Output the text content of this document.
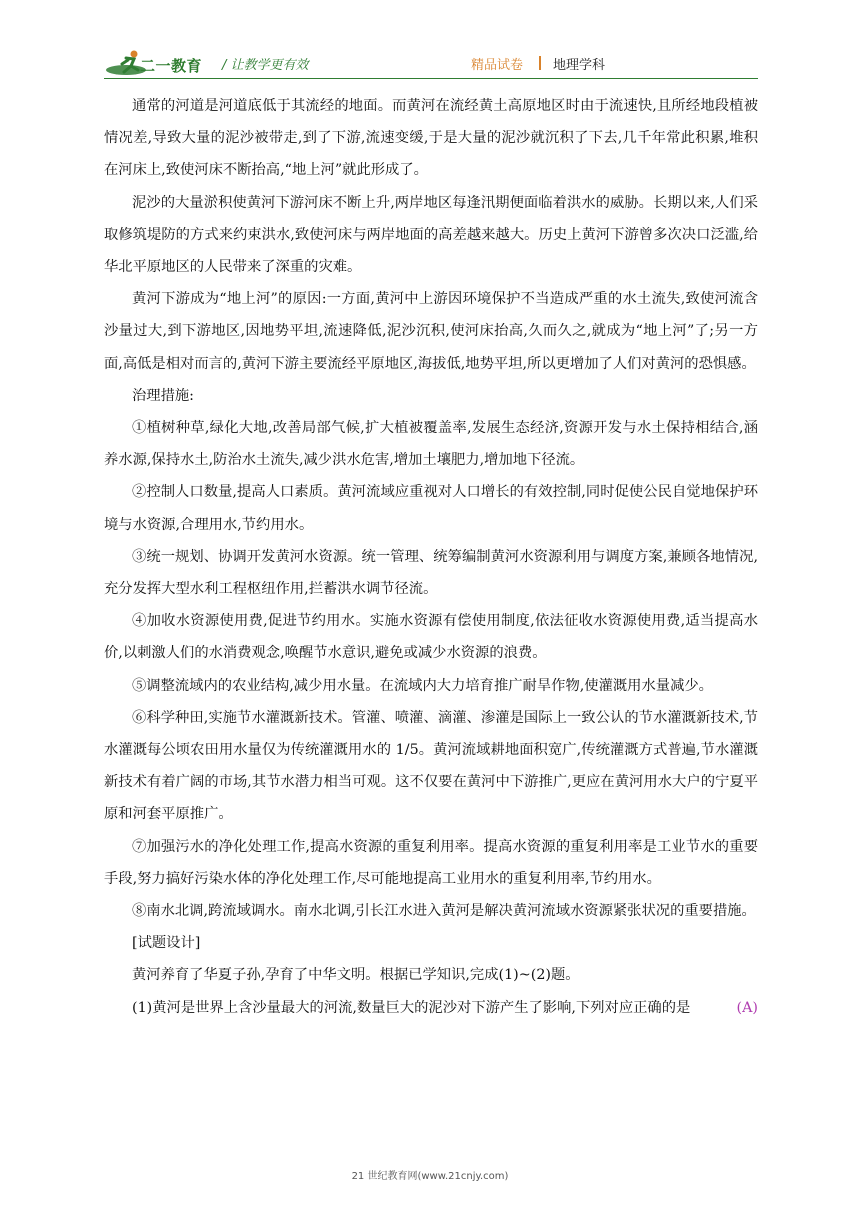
二一教育 / 让教学更有效	精品试卷 地理学科

通常的河道是河道底低于其流经的地面。而黄河在流经黄土高原地区时由于流速快,且所经地段植被情况差,导致大量的泥沙被带走,到了下游,流速变缓,于是大量的泥沙就沉积了下去,几千年常此积累,堆积在河床上,致使河床不断抬高,“地上河”就此形成了。

泥沙的大量淤积使黄河下游河床不断上升,两岸地区每逢汛期便面临着洪水的威胁。长期以来,人们采取修筑堤防的方式来约束洪水,致使河床与两岸地面的高差越来越大。历史上黄河下游曾多次决口泛滥,给华北平原地区的人民带来了深重的灾难。

黄河下游成为“地上河”的原因:一方面,黄河中上游因环境保护不当造成严重的水土流失,致使河流含沙量过大,到下游地区,因地势平坦,流速降低,泥沙沉积,使河床抬高,久而久之,就成为“地上河”了;另一方面,高低是相对而言的,黄河下游主要流经平原地区,海拔低,地势平坦,所以更增加了人们对黄河的恐惧感。

治理措施:

①植树种草,绿化大地,改善局部气候,扩大植被覆盖率,发展生态经济,资源开发与水土保持相结合,涵养水源,保持水土,防治水土流失,减少洪水危害,增加土壤肥力,增加地下径流。

②控制人口数量,提高人口素质。黄河流域应重视对人口增长的有效控制,同时促使公民自觉地保护环境与水资源,合理用水,节约用水。

③统一规划、协调开发黄河水资源。统一管理、统筹编制黄河水资源利用与调度方案,兼顾各地情况,充分发挥大型水利工程枢纽作用,拦蓄洪水调节径流。

④加收水资源使用费,促进节约用水。实施水资源有偿使用制度,依法征收水资源使用费,适当提高水价,以刺激人们的水消费观念,唤醒节水意识,避免或减少水资源的浪费。

⑤调整流域内的农业结构,减少用水量。在流域内大力培育推广耐旱作物,使灌溉用水量减少。

⑥科学种田,实施节水灌溉新技术。管灌、喷灌、滴灌、渗灌是国际上一致公认的节水灌溉新技术,节水灌溉每公顷农田用水量仅为传统灌溉用水的 1/5。黄河流域耕地面积宽广,传统灌溉方式普遍,节水灌溉新技术有着广阔的市场,其节水潜力相当可观。这不仅要在黄河中下游推广,更应在黄河用水大户的宁夏平原和河套平原推广。

⑦加强污水的净化处理工作,提高水资源的重复利用率。提高水资源的重复利用率是工业节水的重要手段,努力搞好污染水体的净化处理工作,尽可能地提高工业用水的重复利用率,节约用水。

⑧南水北调,跨流域调水。南水北调,引长江水进入黄河是解决黄河流域水资源紧张状况的重要措施。

[试题设计]

黄河养育了华夏子孙,孕育了中华文明。根据已学知识,完成(1)~(2)题。

(1)黄河是世界上含沙量最大的河流,数量巨大的泥沙对下游产生了影响,下列对应正确的是	(A)

21 世纪教育网(www.21cnjy.com)
